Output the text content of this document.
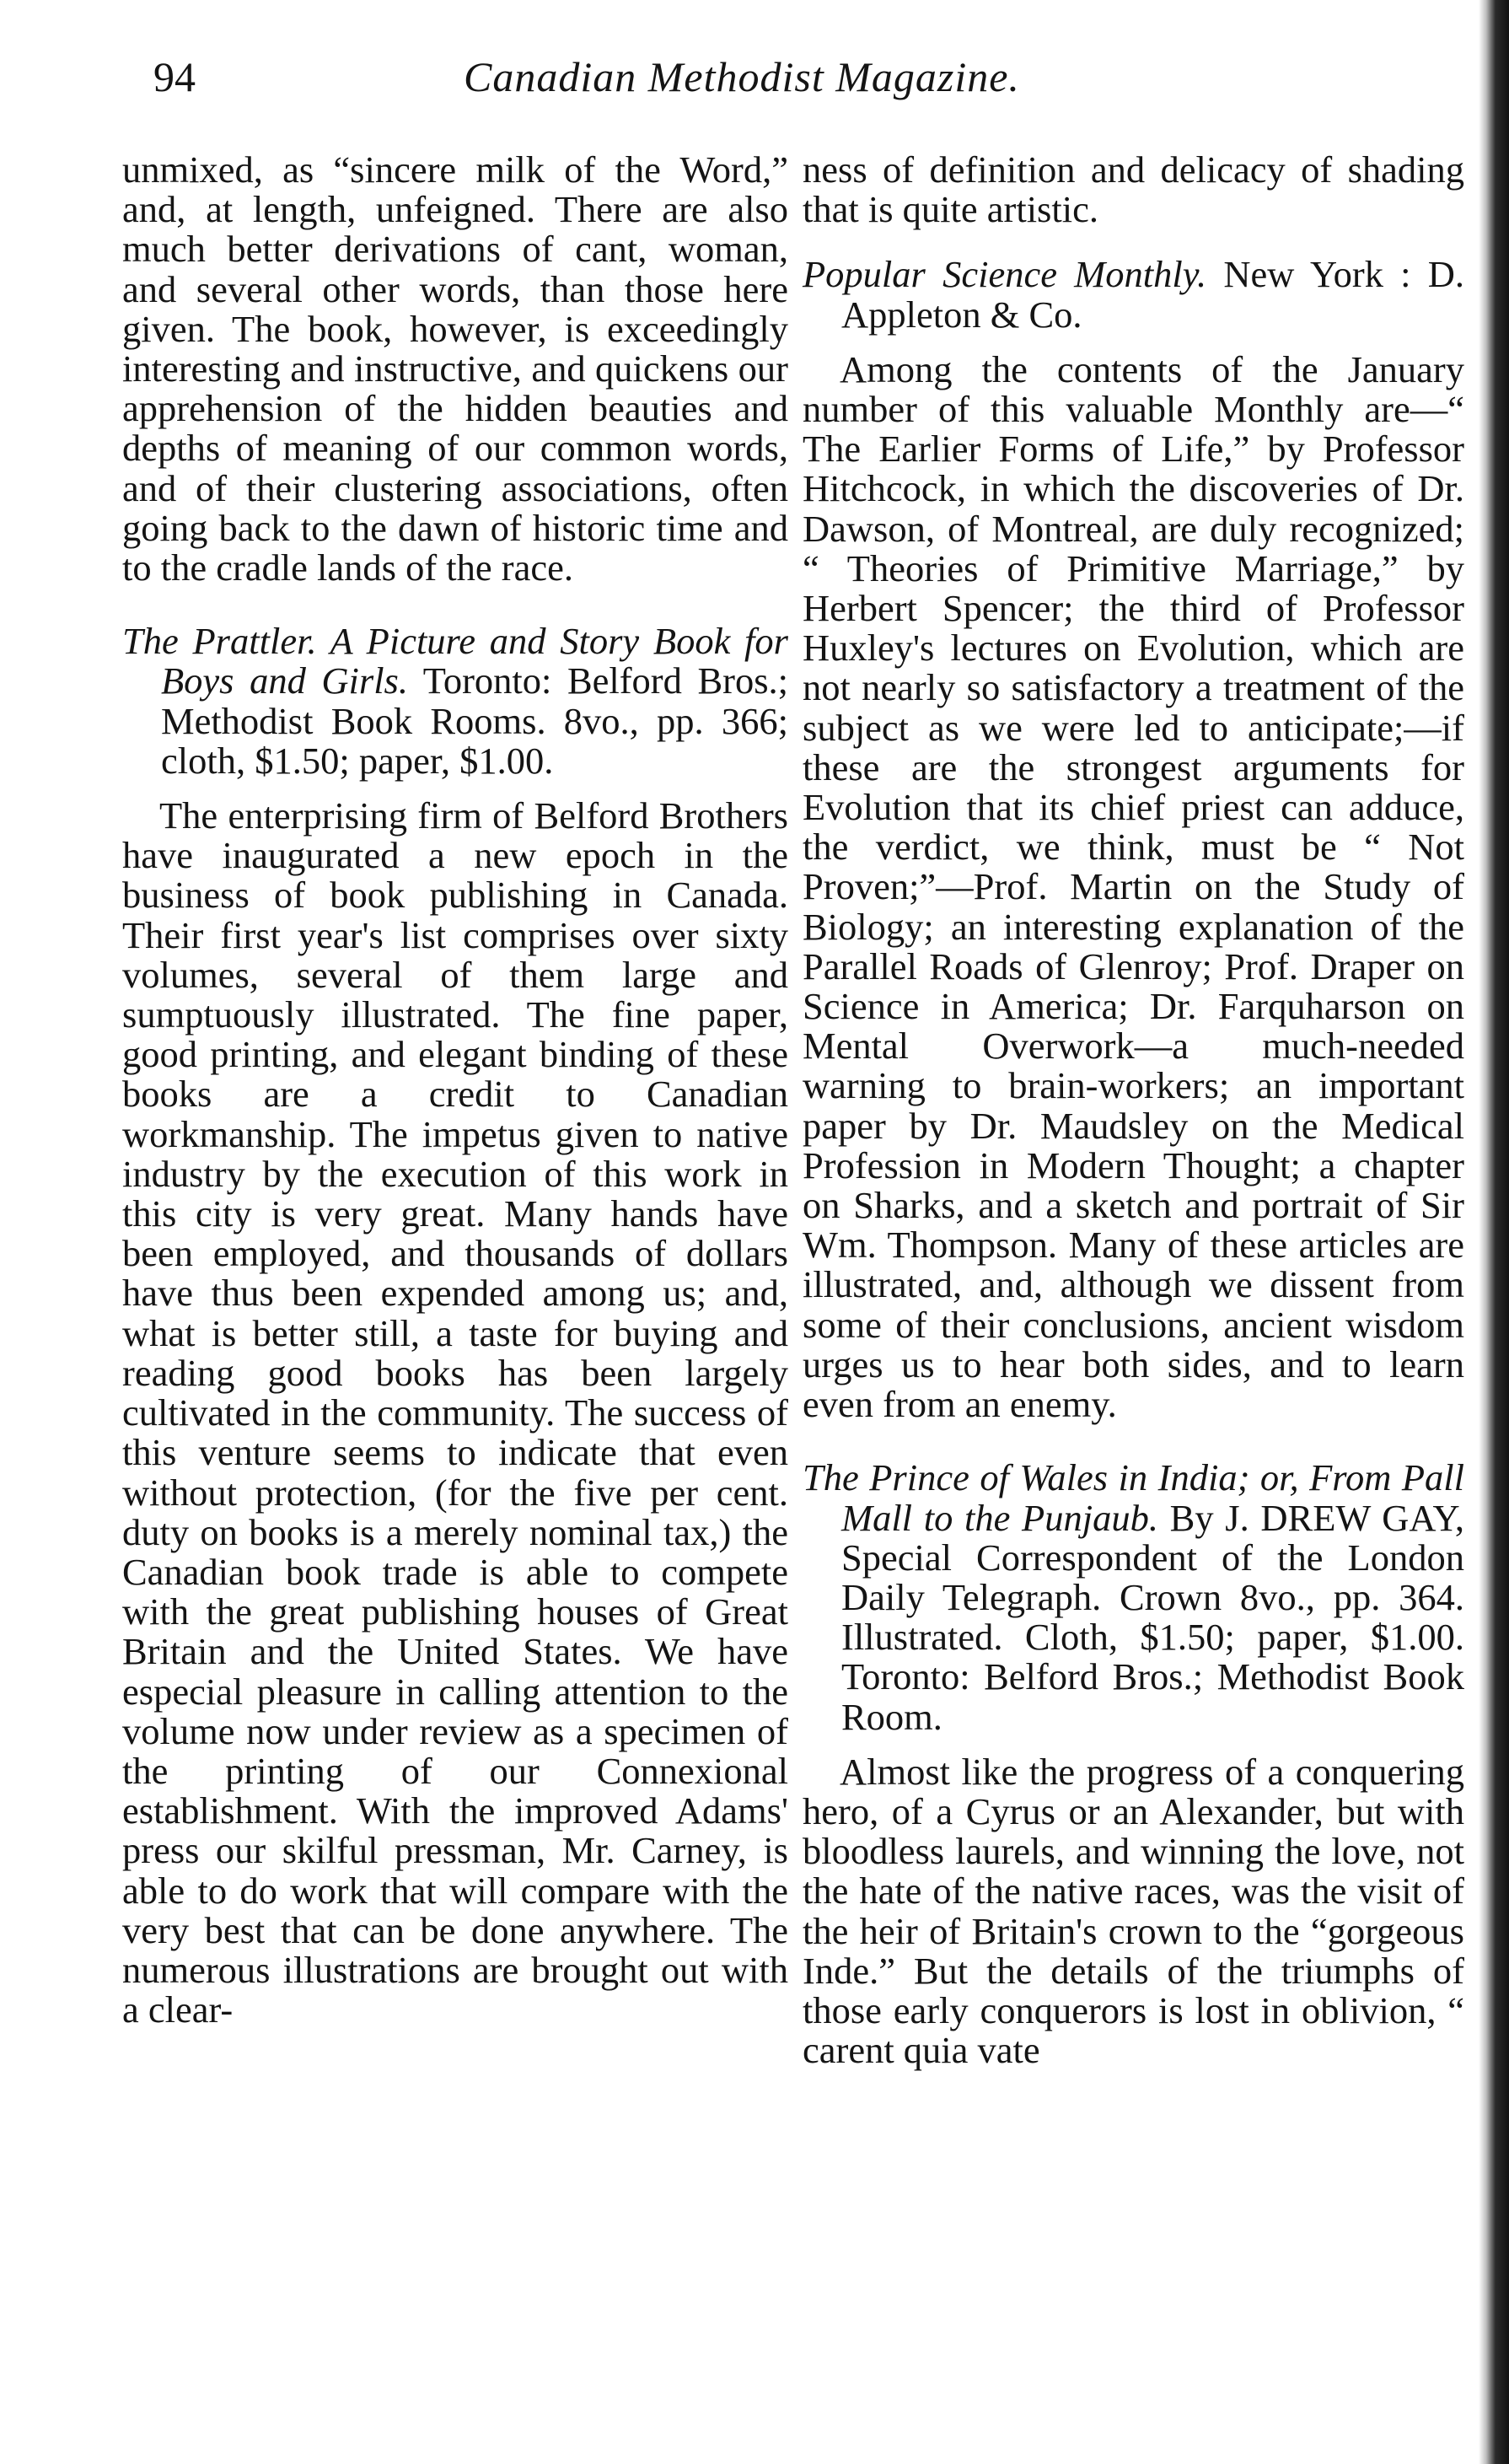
94	Canadian Methodist Magazine.

unmixed, as “sincere milk of the Word,” and, at length, unfeigned. There are also much better derivations of cant, woman, and several other words, than those here given. The book, however, is exceedingly interesting and instructive, and quickens our apprehension of the hidden beauties and depths of meaning of our common words, and of their clustering associations, often going back to the dawn of historic time and to the cradle lands of the race.

The Prattler. A Picture and Story Book for Boys and Girls. Toronto: Belford Bros.; Methodist Book Rooms. 8vo., pp. 366; cloth, $1.50; paper, $1.00.

The enterprising firm of Belford Brothers have inaugurated a new epoch in the business of book publishing in Canada. Their first year's list comprises over sixty volumes, several of them large and sumptuously illustrated. The fine paper, good printing, and elegant binding of these books are a credit to Canadian workmanship. The impetus given to native industry by the execution of this work in this city is very great. Many hands have been employed, and thousands of dollars have thus been expended among us; and, what is better still, a taste for buying and reading good books has been largely cultivated in the community. The success of this venture seems to indicate that even without protection, (for the five per cent. duty on books is a merely nominal tax,) the Canadian book trade is able to compete with the great publishing houses of Great Britain and the United States. We have especial pleasure in calling attention to the volume now under review as a specimen of the printing of our Connexional establishment. With the improved Adams' press our skilful pressman, Mr. Carney, is able to do work that will compare with the very best that can be done anywhere. The numerous illustrations are brought out with a clear-

ness of definition and delicacy of shading that is quite artistic.

Popular Science Monthly. New York : D. Appleton & Co.

Among the contents of the January number of this valuable Monthly are—“ The Earlier Forms of Life,” by Professor Hitchcock, in which the discoveries of Dr. Dawson, of Montreal, are duly recognized; “ Theories of Primitive Marriage,” by Herbert Spencer; the third of Professor Huxley's lectures on Evolution, which are not nearly so satisfactory a treatment of the subject as we were led to anticipate;—if these are the strongest arguments for Evolution that its chief priest can adduce, the verdict, we think, must be “ Not Proven;”—Prof. Martin on the Study of Biology; an interesting explanation of the Parallel Roads of Glenroy; Prof. Draper on Science in America; Dr. Farquharson on Mental Overwork—a much-needed warning to brain-workers; an important paper by Dr. Maudsley on the Medical Profession in Modern Thought; a chapter on Sharks, and a sketch and portrait of Sir Wm. Thompson. Many of these articles are illustrated, and, although we dissent from some of their conclusions, ancient wisdom urges us to hear both sides, and to learn even from an enemy.

The Prince of Wales in India; or, From Pall Mall to the Punjaub. By J. DREW GAY, Special Correspondent of the London Daily Telegraph. Crown 8vo., pp. 364. Illustrated. Cloth, $1.50; paper, $1.00. Toronto: Belford Bros.; Methodist Book Room.

Almost like the progress of a conquering hero, of a Cyrus or an Alexander, but with bloodless laurels, and winning the love, not the hate of the native races, was the visit of the heir of Britain's crown to the “gorgeous Inde.” But the details of the triumphs of those early conquerors is lost in oblivion, “ carent quia vate
